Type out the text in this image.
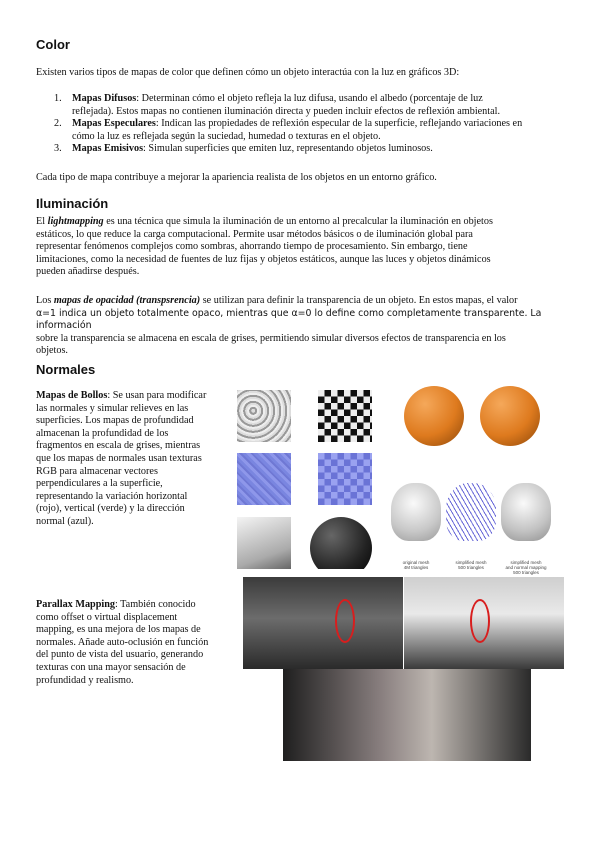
Color
Existen varios tipos de mapas de color que definen cómo un objeto interactúa con la luz en gráficos 3D:
1. Mapas Difusos: Determinan cómo el objeto refleja la luz difusa, usando el albedo (porcentaje de luz
reflejada). Estos mapas no contienen iluminación directa y pueden incluir efectos de reflexión ambiental.
2. Mapas Especulares: Indican las propiedades de reflexión especular de la superficie, reflejando variaciones en
cómo la luz es reflejada según la suciedad, humedad o texturas en el objeto.
3. Mapas Emisivos: Simulan superficies que emiten luz, representando objetos luminosos.
Cada tipo de mapa contribuye a mejorar la apariencia realista de los objetos en un entorno gráfico.
Iluminación
El lightmapping es una técnica que simula la iluminación de un entorno al precalcular la iluminación en objetos
estáticos, lo que reduce la carga computacional. Permite usar métodos básicos o de iluminación global para
representar fenómenos complejos como sombras, ahorrando tiempo de procesamiento. Sin embargo, tiene
limitaciones, como la necesidad de fuentes de luz fijas y objetos estáticos, aunque las luces y objetos dinámicos
pueden añadirse después.
Los mapas de opacidad (transpsrencia) se utilizan para definir la transparencia de un objeto. En estos mapas, el valor
α=1 indica un objeto totalmente opaco, mientras que α=0 lo define como completamente transparente. La información
sobre la transparencia se almacena en escala de grises, permitiendo simular diversos efectos de transparencia en los
objetos.
Normales
Mapas de Bollos: Se usan para modificar
las normales y simular relieves en las
superficies. Los mapas de profundidad
almacenan la profundidad de los
fragmentos en escala de grises, mientras
que los mapas de normales usan texturas
RGB para almacenar vectores
perpendiculares a la superficie,
representando la variación horizontal
(rojo), vertical (verde) y la dirección
normal (azul).
Parallax Mapping: También conocido
como offset o virtual displacement
mapping, es una mejora de los mapas de
normales. Añade auto-oclusión en función
del punto de vista del usuario, generando
texturas con una mayor sensación de
profundidad y realismo.
original mesh
4M triangles
simplified mesh
500 triangles
simplified mesh
and normal mapping
500 triangles
